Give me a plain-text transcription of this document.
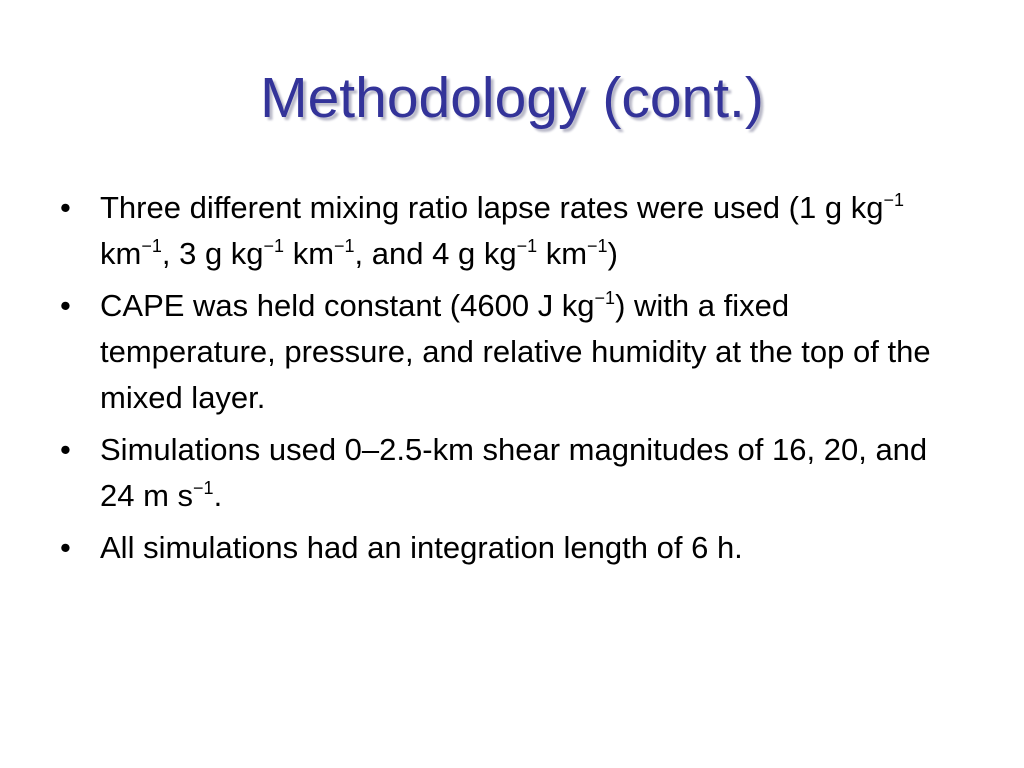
Methodology (cont.)
• Three different mixing ratio lapse rates were used (1 g $kg^{-1}$ $km^{-1}$, 3 g $kg^{-1}$ $km^{-1}$, and 4 g $kg^{-1}$ $km^{-1}$)
• CAPE was held constant (4600 J $kg^{-1}$) with a fixed temperature, pressure, and relative humidity at the top of the mixed layer.
• Simulations used 0–2.5-km shear magnitudes of 16, 20, and 24 m $s^{-1}$.
• All simulations had an integration length of 6 h.
